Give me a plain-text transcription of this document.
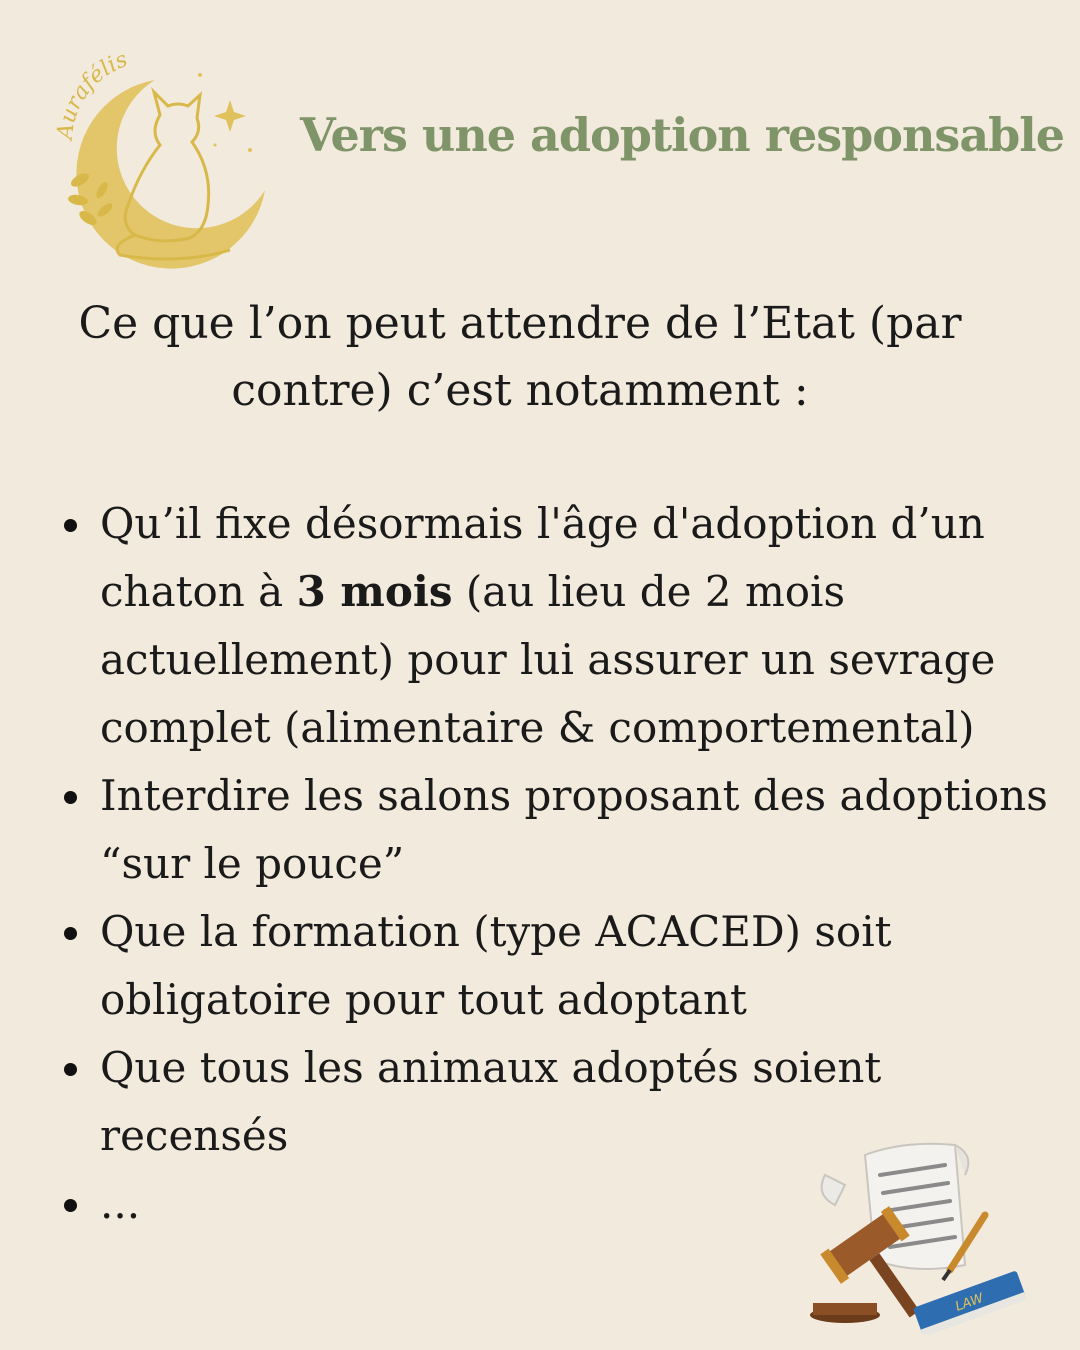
Aurafélis
Vers une adoption responsable
Ce que l’on peut attendre de l’Etat (par
contre) c’est notamment :
Qu’il fixe désormais l'âge d'adoption d’un chaton à 3 mois (au lieu de 2 mois actuellement) pour lui assurer un sevrage complet (alimentaire & comportemental)
Interdire les salons proposant des adoptions “sur le pouce”
Que la formation (type ACACED) soit obligatoire pour tout adoptant
Que tous les animaux adoptés soient recensés
...
LAW
